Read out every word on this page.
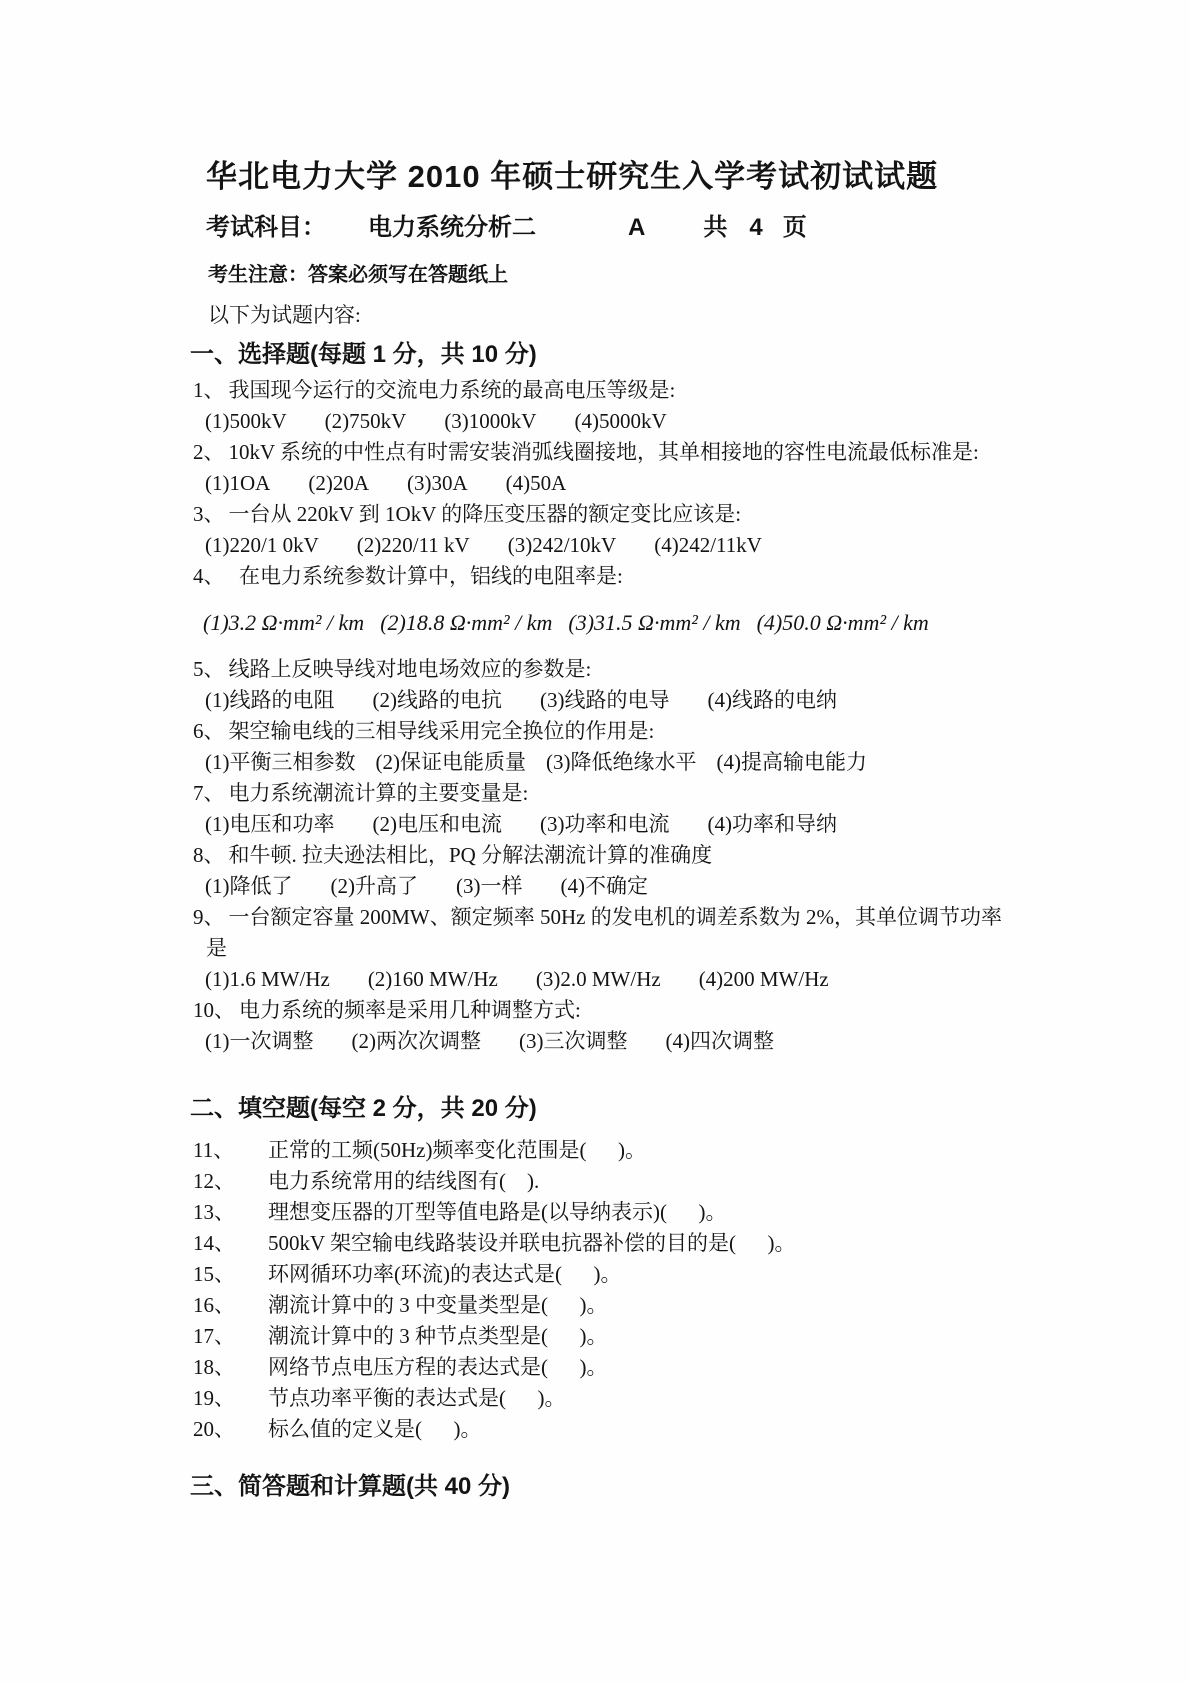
华北电力大学 2010 年硕士研究生入学考试初试试题
考试科目： 电力系统分析二	A 共 4 页
考生注意：答案必须写在答题纸上
以下为试题内容:
一、选择题(每题 1 分，共 10 分)
1、 我国现今运行的交流电力系统的最高电压等级是:
(1)500kV (2)750kV (3)1000kV (4)5000kV
2、 10kV 系统的中性点有时需安装消弧线圈接地，其单相接地的容性电流最低标准是:
(1)1OA (2)20A (3)30A (4)50A
3、 一台从 220kV 到 1OkV 的降压变压器的额定变比应该是:
(1)220/1 0kV (2)220/11 kV (3)242/10kV (4)242/11kV
4、　在电力系统参数计算中，铝线的电阻率是:
(1)3.2 Ω·mm² / km (2)18.8 Ω·mm² / km (3)31.5 Ω·mm² / km (4)50.0 Ω·mm² / km
5、 线路上反映导线对地电场效应的参数是:
(1)线路的电阻 (2)线路的电抗 (3)线路的电导 (4)线路的电纳
6、 架空输电线的三相导线采用完全换位的作用是:
(1)平衡三相参数 (2)保证电能质量 (3)降低绝缘水平 (4)提高输电能力
7、 电力系统潮流计算的主要变量是:
(1)电压和功率 (2)电压和电流 (3)功率和电流 (4)功率和导纳
8、 和牛顿. 拉夫逊法相比，PQ 分解法潮流计算的准确度
(1)降低了 (2)升高了 (3)一样 (4)不确定
9、 一台额定容量 200MW、额定频率 50Hz 的发电机的调差系数为 2%，其单位调节功率
是
(1)1.6 MW/Hz (2)160 MW/Hz (3)2.0 MW/Hz (4)200 MW/Hz
10、 电力系统的频率是采用几种调整方式:
(1)一次调整 (2)两次次调整 (3)三次调整 (4)四次调整
二、填空题(每空 2 分，共 20 分)
11、	正常的工频(50Hz)频率变化范围是(      )。
12、	电力系统常用的结线图有(    ).
13、	理想变压器的丌型等值电路是(以导纳表示)(      )。
14、	500kV 架空输电线路装设并联电抗器补偿的目的是(      )。
15、	环网循环功率(环流)的表达式是(      )。
16、	潮流计算中的 3 中变量类型是(      )。
17、	潮流计算中的 3 种节点类型是(      )。
18、	网络节点电压方程的表达式是(      )。
19、	节点功率平衡的表达式是(      )。
20、	标么值的定义是(      )。
三、简答题和计算题(共 40 分)
